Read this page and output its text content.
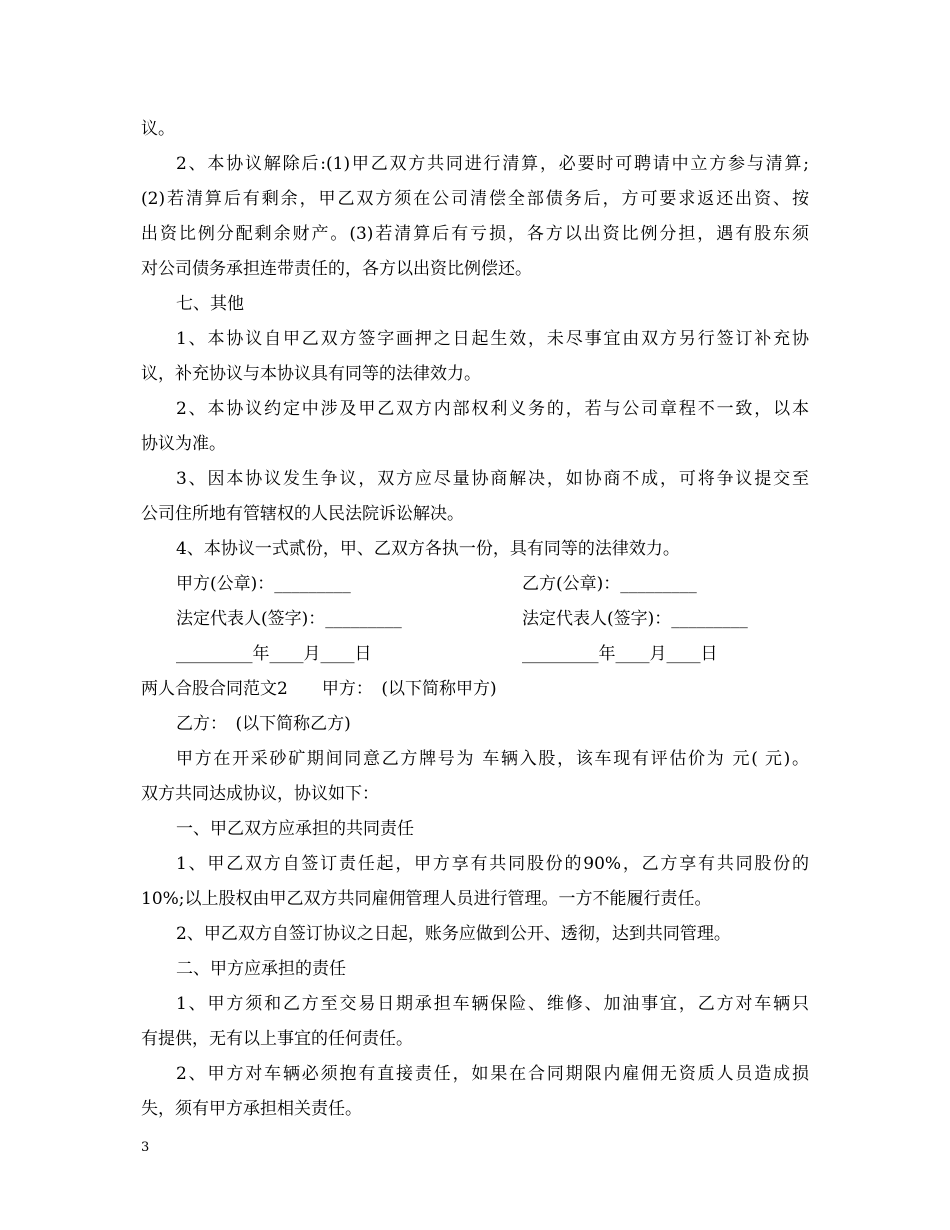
议。
2、本协议解除后:(1)甲乙双方共同进行清算，必要时可聘请中立方参与清算;
(2)若清算后有剩余，甲乙双方须在公司清偿全部债务后，方可要求返还出资、按
出资比例分配剩余财产。(3)若清算后有亏损，各方以出资比例分担，遇有股东须
对公司债务承担连带责任的，各方以出资比例偿还。
七、其他
1、本协议自甲乙双方签字画押之日起生效，未尽事宜由双方另行签订补充协
议，补充协议与本协议具有同等的法律效力。
2、本协议约定中涉及甲乙双方内部权利义务的，若与公司章程不一致，以本
协议为准。
3、因本协议发生争议，双方应尽量协商解决，如协商不成，可将争议提交至
公司住所地有管辖权的人民法院诉讼解决。
4、本协议一式贰份，甲、乙双方各执一份，具有同等的法律效力。
甲方(公章)：_________	乙方(公章)：_________
法定代表人(签字)：_________	法定代表人(签字)：_________
_________年____月____日	_________年____月____日
两人合股合同范文2　　甲方：　(以下简称甲方)
乙方：　(以下简称乙方)
甲方在开采砂矿期间同意乙方牌号为 车辆入股，该车现有评估价为 元( 元)。
双方共同达成协议，协议如下：
一、甲乙双方应承担的共同责任
1、甲乙双方自签订责任起，甲方享有共同股份的90%，乙方享有共同股份的
10%;以上股权由甲乙双方共同雇佣管理人员进行管理。一方不能履行责任。
2、甲乙双方自签订协议之日起，账务应做到公开、透彻，达到共同管理。
二、甲方应承担的责任
1、甲方须和乙方至交易日期承担车辆保险、维修、加油事宜，乙方对车辆只
有提供，无有以上事宜的任何责任。
2、甲方对车辆必须抱有直接责任，如果在合同期限内雇佣无资质人员造成损
失，须有甲方承担相关责任。
3
